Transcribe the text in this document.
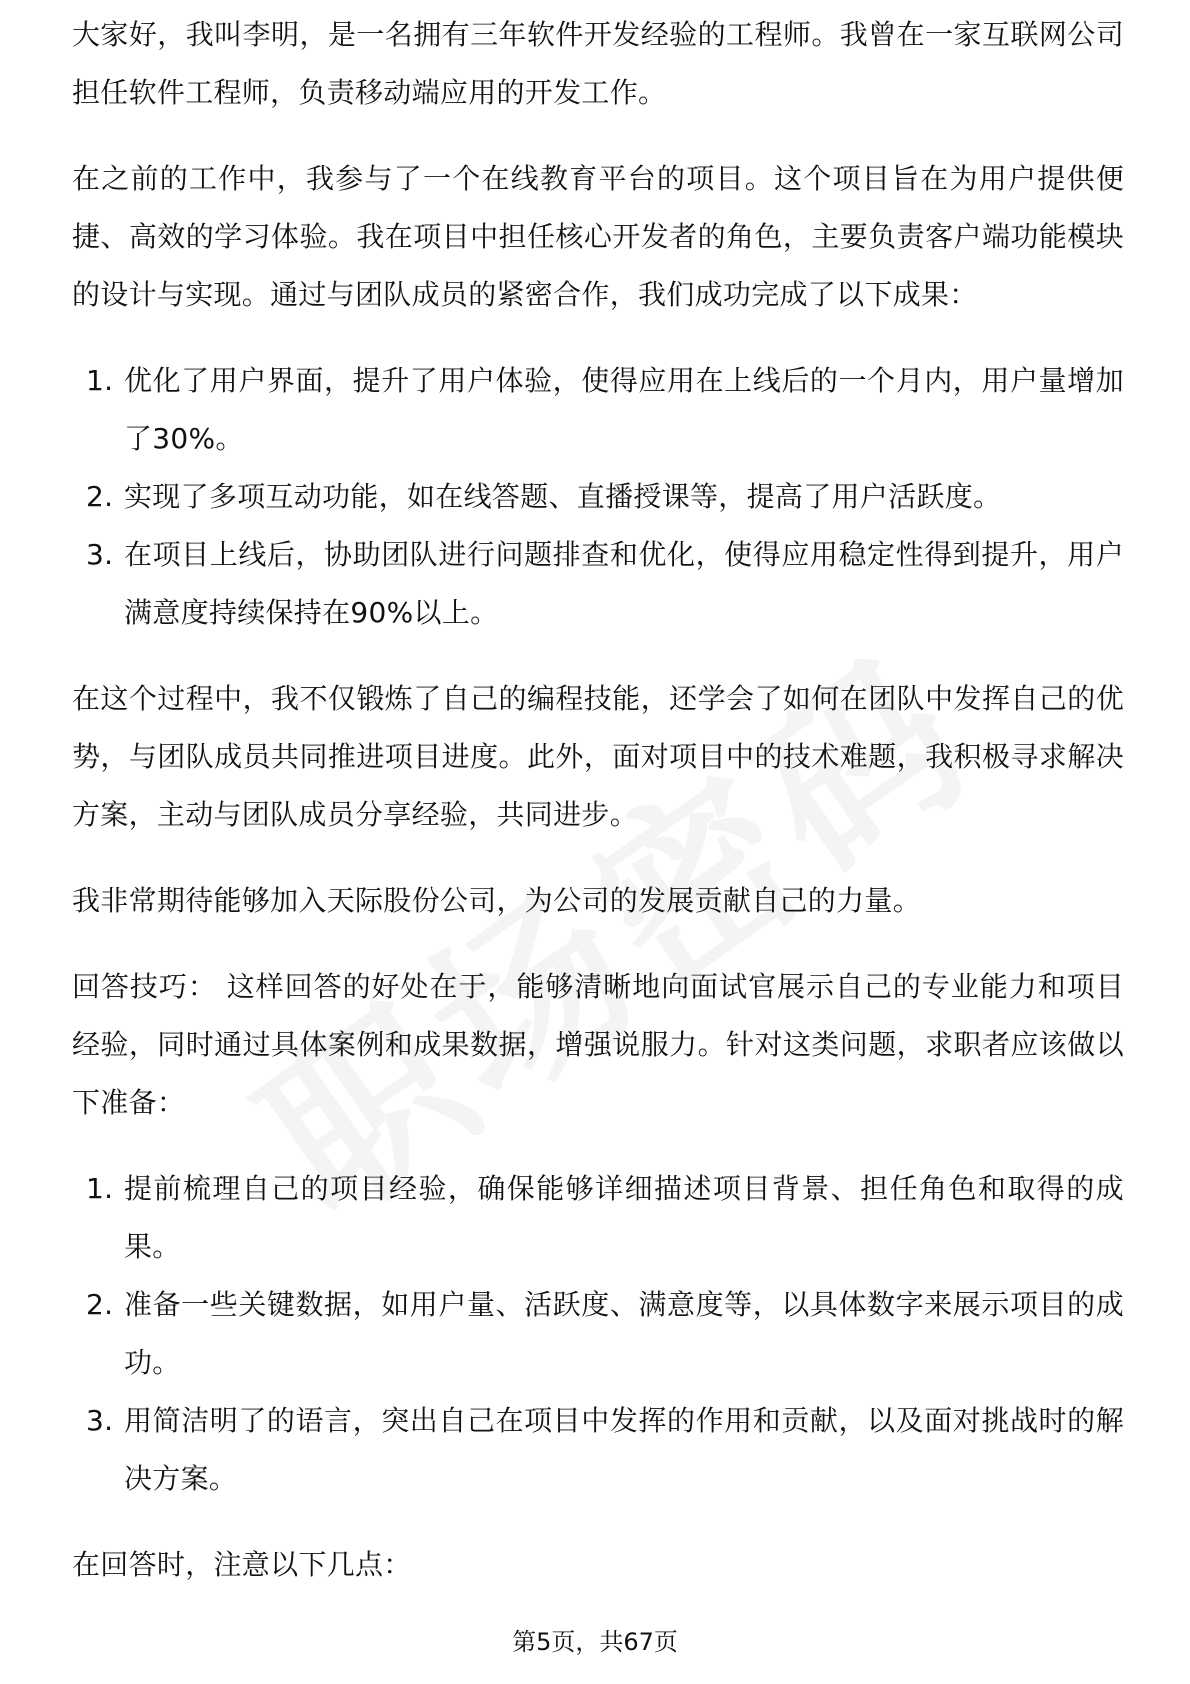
大家好，我叫李明，是一名拥有三年软件开发经验的工程师。我曾在一家互联网公司担任软件工程师，负责移动端应用的开发工作。

在之前的工作中，我参与了一个在线教育平台的项目。这个项目旨在为用户提供便捷、高效的学习体验。我在项目中担任核心开发者的角色，主要负责客户端功能模块的设计与实现。通过与团队成员的紧密合作，我们成功完成了以下成果：

1. 优化了用户界面，提升了用户体验，使得应用在上线后的一个月内，用户量增加了30%。
2. 实现了多项互动功能，如在线答题、直播授课等，提高了用户活跃度。
3. 在项目上线后，协助团队进行问题排查和优化，使得应用稳定性得到提升，用户满意度持续保持在90%以上。

在这个过程中，我不仅锻炼了自己的编程技能，还学会了如何在团队中发挥自己的优势，与团队成员共同推进项目进度。此外，面对项目中的技术难题，我积极寻求解决方案，主动与团队成员分享经验，共同进步。

我非常期待能够加入天际股份公司，为公司的发展贡献自己的力量。

回答技巧： 这样回答的好处在于，能够清晰地向面试官展示自己的专业能力和项目经验，同时通过具体案例和成果数据，增强说服力。针对这类问题，求职者应该做以下准备：

1. 提前梳理自己的项目经验，确保能够详细描述项目背景、担任角色和取得的成果。
2. 准备一些关键数据，如用户量、活跃度、满意度等，以具体数字来展示项目的成功。
3. 用简洁明了的语言，突出自己在项目中发挥的作用和贡献，以及面对挑战时的解决方案。

在回答时，注意以下几点：

第5页，共67页
